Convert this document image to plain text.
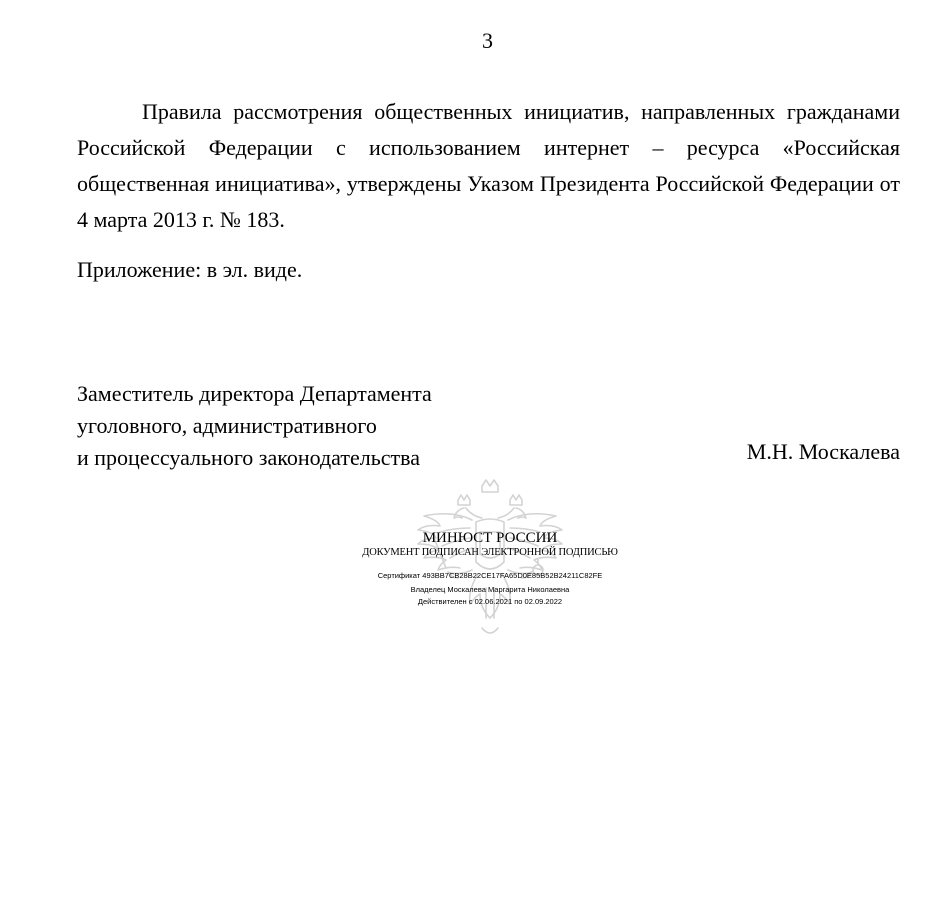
3

Правила рассмотрения общественных инициатив, направленных гражданами Российской Федерации с использованием интернет – ресурса «Российская общественная инициатива», утверждены Указом Президента Российской Федерации от 4 марта 2013 г. № 183.

Приложение: в эл. виде.

Заместитель директора Департамента
уголовного, административного
и процессуального законодательства	М.Н. Москалева
МИНЮСТ РОССИИ
ДОКУМЕНТ ПОДПИСАН ЭЛЕКТРОННОЙ ПОДПИСЬЮ
Сертификат 493BB7CB28B22CE17FA65D0E85B52B24211C82FE
Владелец Москалева Маргарита Николаевна
Действителен с 02.06.2021 по 02.09.2022
